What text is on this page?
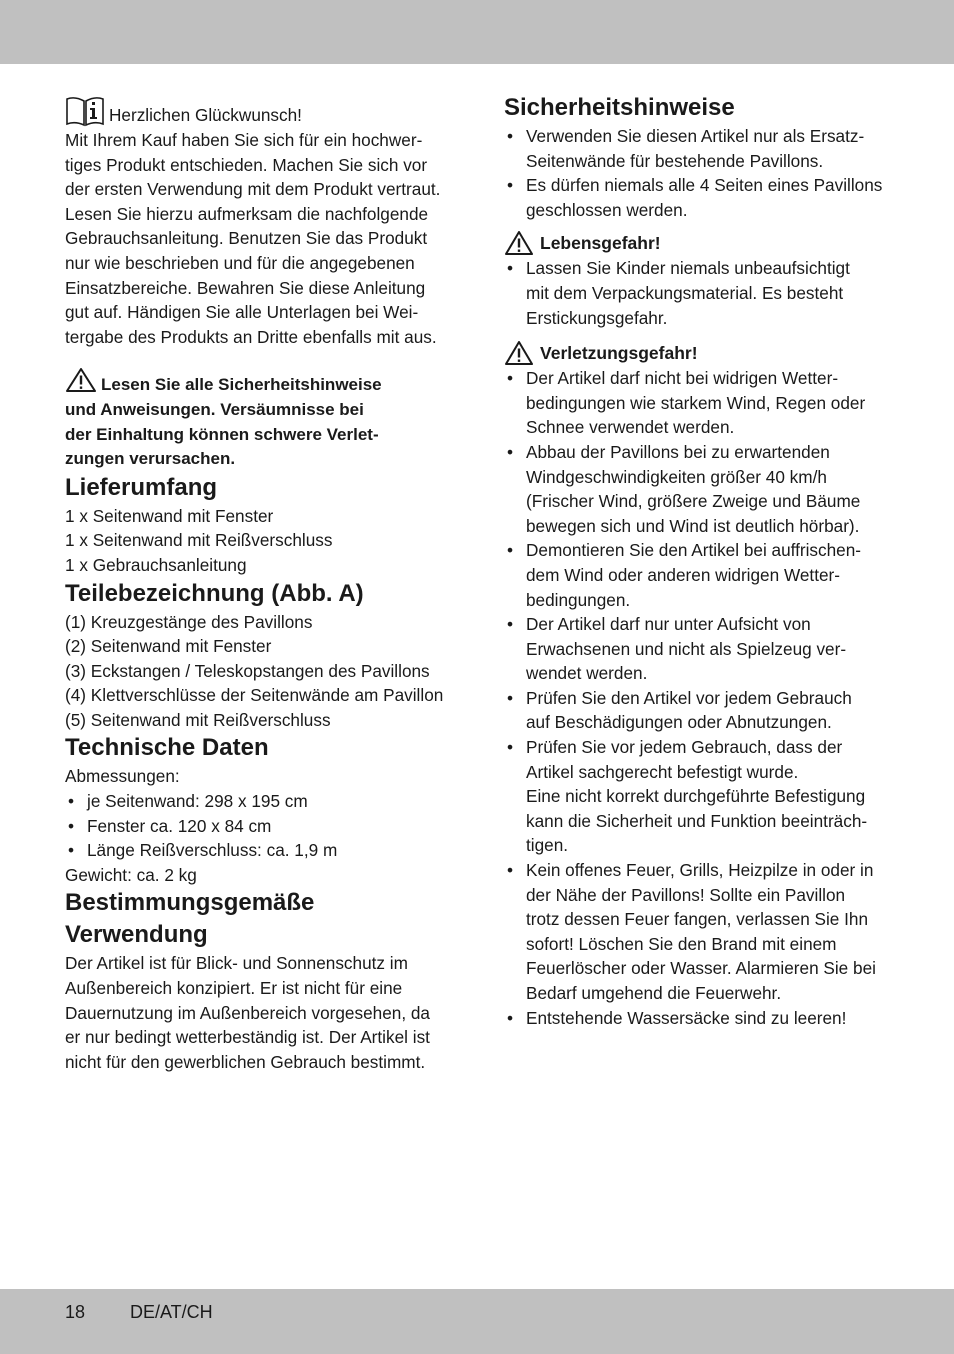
Herzlichen Glückwunsch!

Mit Ihrem Kauf haben Sie sich für ein hochwer-

tiges Produkt entschieden. Machen Sie sich vor

der ersten Verwendung mit dem Produkt vertraut.

Lesen Sie hierzu aufmerksam die nachfolgende

Gebrauchsanleitung. Benutzen Sie das Produkt

nur wie beschrieben und für die angegebenen

Einsatzbereiche. Bewahren Sie diese Anleitung

gut auf. Händigen Sie alle Unterlagen bei Wei-

tergabe des Produkts an Dritte ebenfalls mit aus.

Lesen Sie alle Sicherheitshinweise
und Anweisungen. Versäumnisse bei
der Einhaltung können schwere Verlet-
zungen verursachen.
Lieferumfang

1 x Seitenwand mit Fenster

1 x Seitenwand mit Reißverschluss

1 x Gebrauchsanleitung

Teilebezeichnung (Abb. A)

(1) Kreuzgestänge des Pavillons

(2) Seitenwand mit Fenster

(3) Eckstangen / Teleskopstangen des Pavillons

(4) Klettverschlüsse der Seitenwände am Pavillon

(5) Seitenwand mit Reißverschluss

Technische Daten

Abmessungen:

• je Seitenwand: 298 x 195 cm
• Fenster ca. 120 x 84 cm
• Länge Reißverschluss: ca. 1,9 m

Gewicht: ca. 2 kg

Bestimmungsgemäße
Verwendung

Der Artikel ist für Blick- und Sonnenschutz im

Außenbereich konzipiert. Er ist nicht für eine

Dauernutzung im Außenbereich vorgesehen, da

er nur bedingt wetterbeständig ist. Der Artikel ist

nicht für den gewerblichen Gebrauch bestimmt.

Sicherheitshinweise
• Verwenden Sie diesen Artikel nur als Ersatz-
Seitenwände für bestehende Pavillons.
• Es dürfen niemals alle 4 Seiten eines Pavillons
geschlossen werden.
Lebensgefahr!
• Lassen Sie Kinder niemals unbeaufsichtigt
mit dem Verpackungsmaterial. Es besteht
Erstickungsgefahr.
Verletzungsgefahr!
• Der Artikel darf nicht bei widrigen Wetter-
bedingungen wie starkem Wind, Regen oder
Schnee verwendet werden.
• Abbau der Pavillons bei zu erwartenden
Windgeschwindigkeiten größer 40 km/h
(Frischer Wind, größere Zweige und Bäume
bewegen sich und Wind ist deutlich hörbar).
• Demontieren Sie den Artikel bei auffrischen-
dem Wind oder anderen widrigen Wetter-
bedingungen.
• Der Artikel darf nur unter Aufsicht von
Erwachsenen und nicht als Spielzeug ver-
wendet werden.
• Prüfen Sie den Artikel vor jedem Gebrauch
auf Beschädigungen oder Abnutzungen.
• Prüfen Sie vor jedem Gebrauch, dass der
Artikel sachgerecht befestigt wurde.
Eine nicht korrekt durchgeführte Befestigung
kann die Sicherheit und Funktion beeinträch-
tigen.
• Kein offenes Feuer, Grills, Heizpilze in oder in
der Nähe der Pavillons! Sollte ein Pavillon
trotz dessen Feuer fangen, verlassen Sie Ihn
sofort! Löschen Sie den Brand mit einem
Feuerlöscher oder Wasser. Alarmieren Sie bei
Bedarf umgehend die Feuerwehr.
• Entstehende Wassersäcke sind zu leeren!
18 DE/AT/CH
